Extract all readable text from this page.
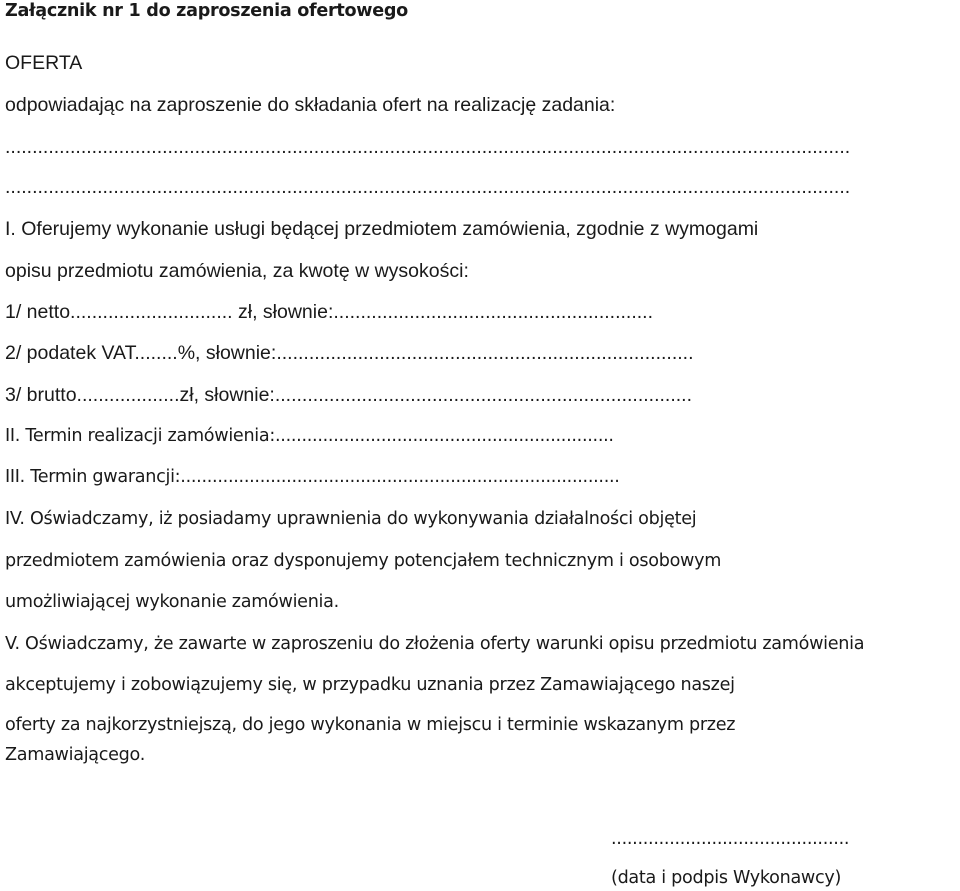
Załącznik nr 1 do zaproszenia ofertowego
OFERTA
odpowiadając na zaproszenie do składania ofert na realizację zadania:
............................................................................................................................................................
............................................................................................................................................................
I. Oferujemy wykonanie usługi będącej przedmiotem zamówienia, zgodnie z wymogami
opisu przedmiotu zamówienia, za kwotę w wysokości:
1/ netto.............................. zł, słownie:...........................................................
2/ podatek VAT........%, słownie:.............................................................................
3/ brutto...................zł, słownie:.............................................................................
II. Termin realizacji zamówienia:................................................................
III. Termin gwarancji:...................................................................................
IV. Oświadczamy, iż posiadamy uprawnienia do wykonywania działalności objętej
przedmiotem zamówienia oraz dysponujemy potencjałem technicznym i osobowym
umożliwiającej wykonanie zamówienia.
V. Oświadczamy, że zawarte w zaproszeniu do złożenia oferty warunki opisu przedmiotu zamówienia
akceptujemy i zobowiązujemy się, w przypadku uznania przez Zamawiającego naszej
oferty za najkorzystniejszą, do jego wykonania w miejscu i terminie wskazanym przez
Zamawiającego.
.............................................
(data i podpis Wykonawcy)
